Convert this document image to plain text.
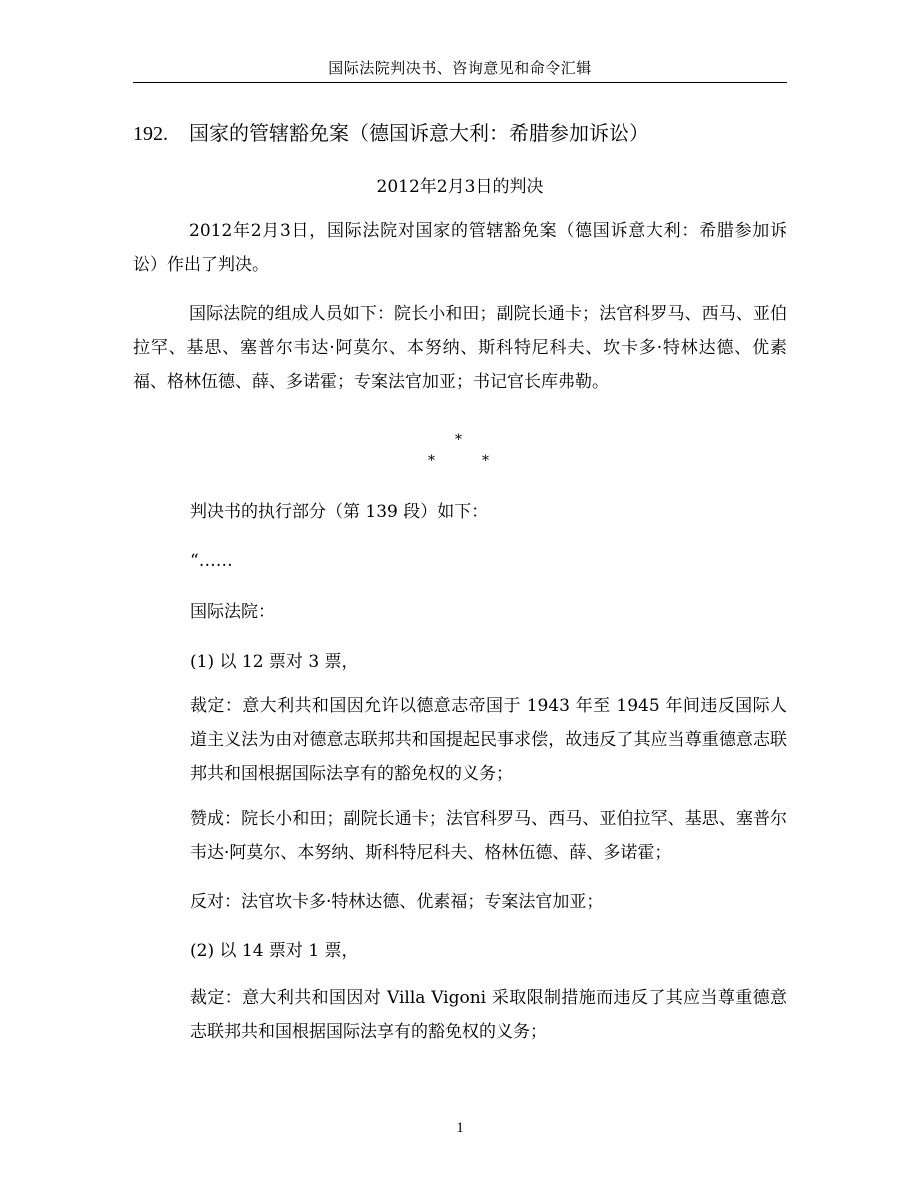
国际法院判决书、咨询意见和命令汇辑
192. 国家的管辖豁免案（德国诉意大利：希腊参加诉讼）
2012年2月3日的判决
2012年2月3日，国际法院对国家的管辖豁免案（德国诉意大利：希腊参加诉讼）作出了判决。
国际法院的组成人员如下：院长小和田；副院长通卡；法官科罗马、西马、亚伯拉罕、基思、塞普尔韦达·阿莫尔、本努纳、斯科特尼科夫、坎卡多·特林达德、优素福、格林伍德、薛、多诺霍；专案法官加亚；书记官长库弗勒。
*
*	*
判决书的执行部分（第 139 段）如下：
“……
国际法院：
(1) 以 12 票对 3 票，
裁定：意大利共和国因允许以德意志帝国于 1943 年至 1945 年间违反国际人道主义法为由对德意志联邦共和国提起民事求偿，故违反了其应当尊重德意志联邦共和国根据国际法享有的豁免权的义务；
赞成：院长小和田；副院长通卡；法官科罗马、西马、亚伯拉罕、基思、塞普尔韦达·阿莫尔、本努纳、斯科特尼科夫、格林伍德、薛、多诺霍；
反对：法官坎卡多·特林达德、优素福；专案法官加亚；
(2) 以 14 票对 1 票，
裁定：意大利共和国因对 Villa Vigoni 采取限制措施而违反了其应当尊重德意志联邦共和国根据国际法享有的豁免权的义务；
1
